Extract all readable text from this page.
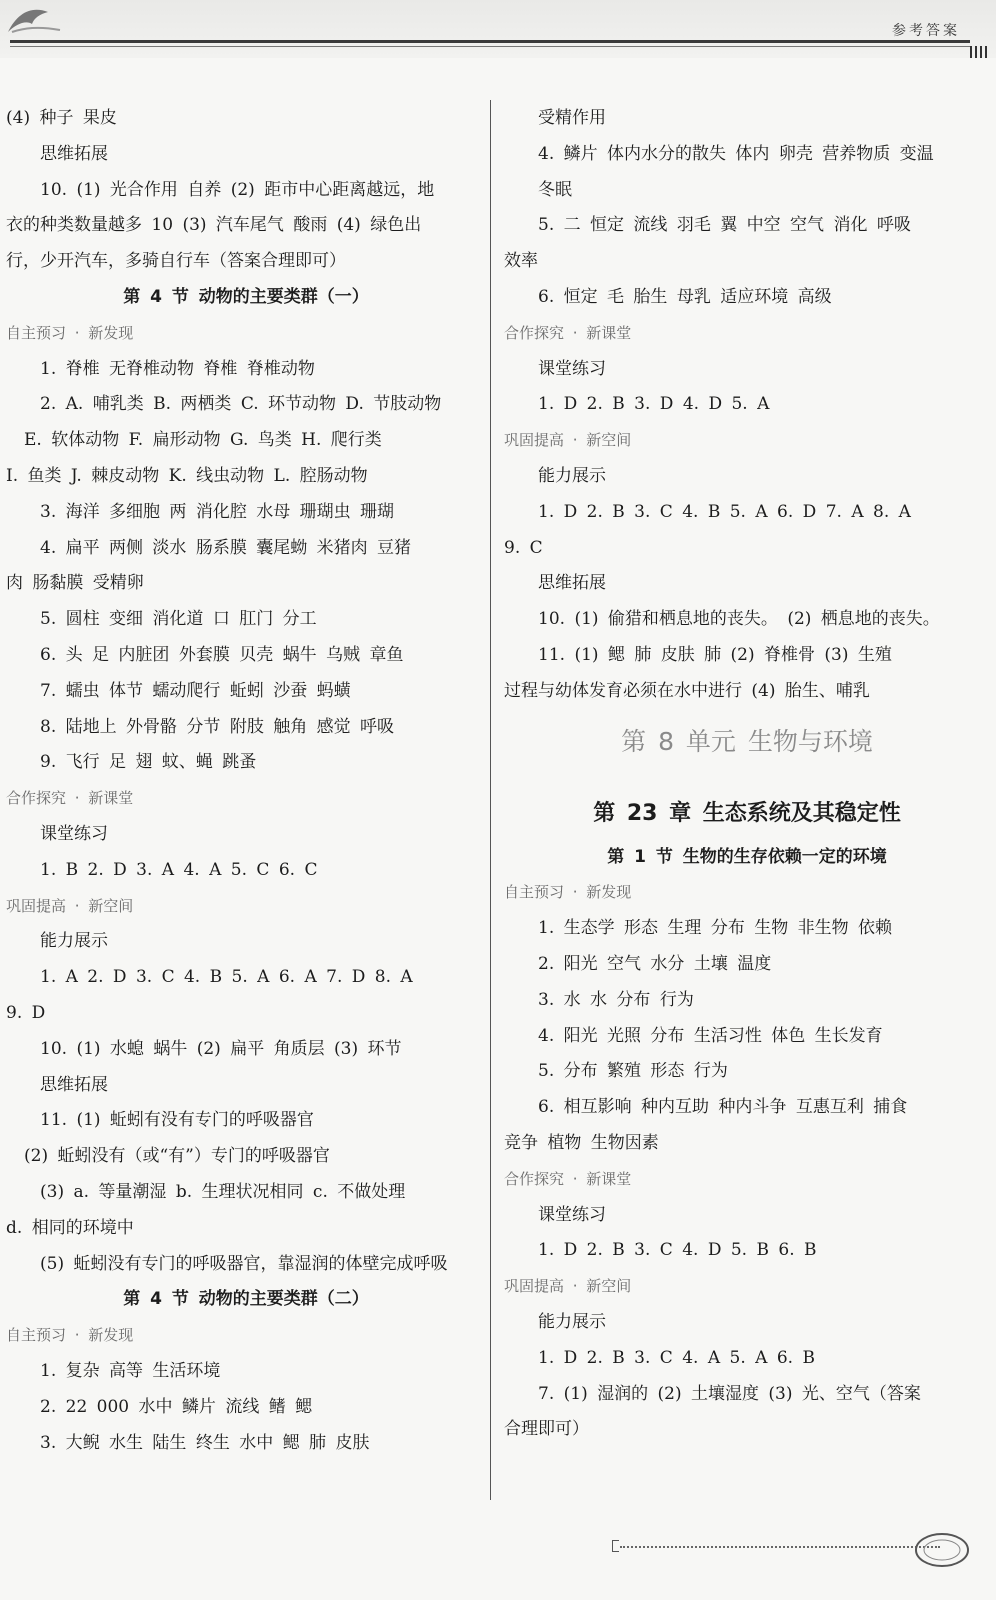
参考答案
(4) 种子 果皮
思维拓展
10. (1) 光合作用 自养 (2) 距市中心距离越远，地
衣的种类数量越多 10 (3) 汽车尾气 酸雨 (4) 绿色出
行，少开汽车，多骑自行车（答案合理即可）
第 4 节 动物的主要类群（一）
自主预习 · 新发现
1. 脊椎 无脊椎动物 脊椎 脊椎动物
2. A. 哺乳类 B. 两栖类 C. 环节动物 D. 节肢动物
E. 软体动物 F. 扁形动物 G. 鸟类 H. 爬行类
I. 鱼类 J. 棘皮动物 K. 线虫动物 L. 腔肠动物
3. 海洋 多细胞 两 消化腔 水母 珊瑚虫 珊瑚
4. 扁平 两侧 淡水 肠系膜 囊尾蚴 米猪肉 豆猪
肉 肠黏膜 受精卵
5. 圆柱 变细 消化道 口 肛门 分工
6. 头 足 内脏团 外套膜 贝壳 蜗牛 乌贼 章鱼
7. 蠕虫 体节 蠕动爬行 蚯蚓 沙蚕 蚂蟥
8. 陆地上 外骨骼 分节 附肢 触角 感觉 呼吸
9. 飞行 足 翅 蚊、蝇 跳蚤
合作探究 · 新课堂
课堂练习
1. B 2. D 3. A 4. A 5. C 6. C
巩固提高 · 新空间
能力展示
1. A 2. D 3. C 4. B 5. A 6. A 7. D 8. A
9. D
10. (1) 水螅 蜗牛 (2) 扁平 角质层 (3) 环节
思维拓展
11. (1) 蚯蚓有没有专门的呼吸器官
(2) 蚯蚓没有（或“有”）专门的呼吸器官
(3) a. 等量潮湿 b. 生理状况相同 c. 不做处理
d. 相同的环境中
(5) 蚯蚓没有专门的呼吸器官，靠湿润的体壁完成呼吸
第 4 节 动物的主要类群（二）
自主预习 · 新发现
1. 复杂 高等 生活环境
2. 22 000 水中 鳞片 流线 鳍 鳃
3. 大鲵 水生 陆生 终生 水中 鳃 肺 皮肤
受精作用
4. 鳞片 体内水分的散失 体内 卵壳 营养物质 变温
冬眠
5. 二 恒定 流线 羽毛 翼 中空 空气 消化 呼吸
效率
6. 恒定 毛 胎生 母乳 适应环境 高级
合作探究 · 新课堂
课堂练习
1. D 2. B 3. D 4. D 5. A
巩固提高 · 新空间
能力展示
1. D 2. B 3. C 4. B 5. A 6. D 7. A 8. A
9. C
思维拓展
10. (1) 偷猎和栖息地的丧失。 (2) 栖息地的丧失。
11. (1) 鳃 肺 皮肤 肺 (2) 脊椎骨 (3) 生殖
过程与幼体发育必须在水中进行 (4) 胎生、哺乳
第 8 单元 生物与环境
第 23 章 生态系统及其稳定性
第 1 节 生物的生存依赖一定的环境
自主预习 · 新发现
1. 生态学 形态 生理 分布 生物 非生物 依赖
2. 阳光 空气 水分 土壤 温度
3. 水 水 分布 行为
4. 阳光 光照 分布 生活习性 体色 生长发育
5. 分布 繁殖 形态 行为
6. 相互影响 种内互助 种内斗争 互惠互利 捕食
竞争 植物 生物因素
合作探究 · 新课堂
课堂练习
1. D 2. B 3. C 4. D 5. B 6. B
巩固提高 · 新空间
能力展示
1. D 2. B 3. C 4. A 5. A 6. B
7. (1) 湿润的 (2) 土壤湿度 (3) 光、空气（答案
合理即可）
